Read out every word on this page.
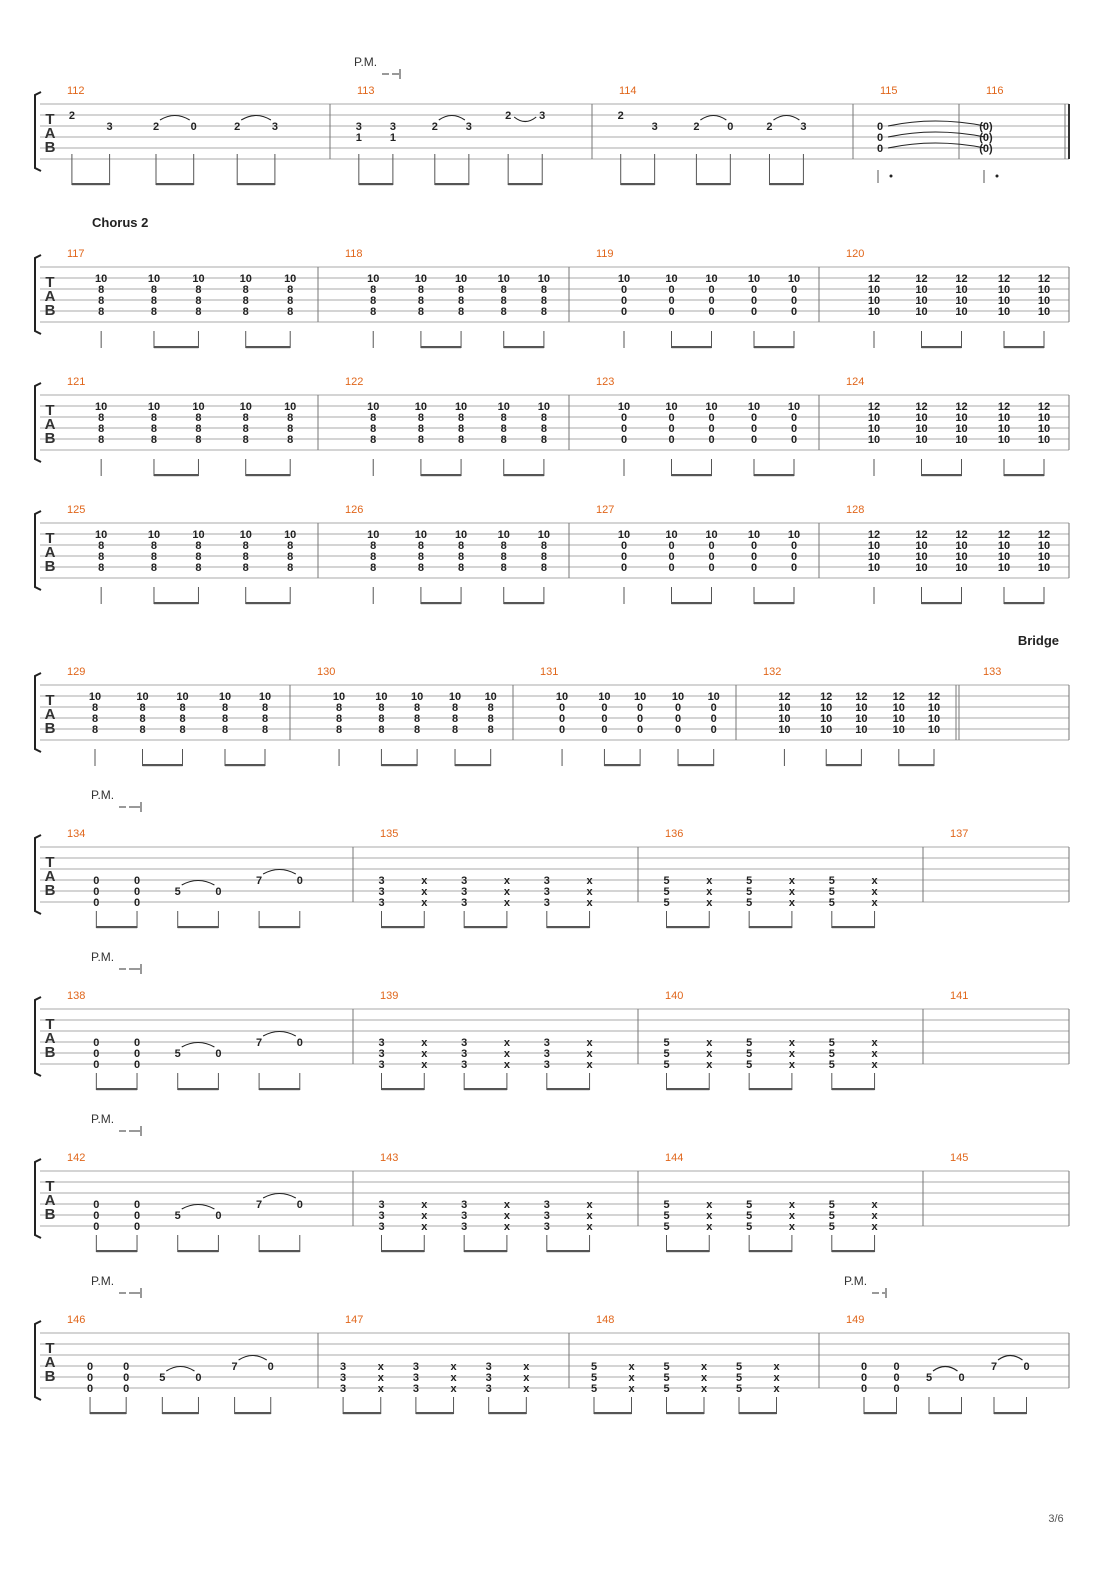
T
A
B
112
2
3	2	0	2	3
113
3
1
3
1
2	3
2	3
P.M.
114
2
3	2	0	2	3
115
0
0
0
116
(0)
(0)
(0)
T
A
B
Chorus 2
117
10
8
8
8
10
8
8
8
10
8
8
8
10
8
8
8
10
8
8
8
118
10
8
8
8
10
8
8
8
10
8
8
8
10
8
8
8
10
8
8
8
119
10
0
0
0
10
0
0
0
10
0
0
0
10
0
0
0
10
0
0
0
120
12
10
10
10
12
10
10
10
12
10
10
10
12
10
10
10
12
10
10
10
T
A
B
121
10
8
8
8
10
8
8
8
10
8
8
8
10
8
8
8
10
8
8
8
122
10
8
8
8
10
8
8
8
10
8
8
8
10
8
8
8
10
8
8
8
123
10
0
0
0
10
0
0
0
10
0
0
0
10
0
0
0
10
0
0
0
124
12
10
10
10
12
10
10
10
12
10
10
10
12
10
10
10
12
10
10
10
T
A
B
125
10
8
8
8
10
8
8
8
10
8
8
8
10
8
8
8
10
8
8
8
126
10
8
8
8
10
8
8
8
10
8
8
8
10
8
8
8
10
8
8
8
127
10
0
0
0
10
0
0
0
10
0
0
0
10
0
0
0
10
0
0
0
128
12
10
10
10
12
10
10
10
12
10
10
10
12
10
10
10
12
10
10
10
T
A
B
Bridge
129
10
8
8
8
10
8
8
8
10
8
8
8
10
8
8
8
10
8
8
8
130
10
8
8
8
10
8
8
8
10
8
8
8
10
8
8
8
10
8
8
8
131
10
0
0
0
10
0
0
0
10
0
0
0
10
0
0
0
10
0
0
0
132
12
10
10
10
12
10
10
10
12
10
10
10
12
10
10
10
12
10
10
10
133
T
A
B
134
0
0
0
0
0
0
5	0
7	0
P.M.
135
3
3
3
x
x
x
3
3
3
x
x
x
3
3
3
x
x
x
136
5
5
5
x
x
x
5
5
5
x
x
x
5
5
5
x
x
x
137
T
A
B
138
0
0
0
0
0
0
5	0
7	0
P.M.
139
3
3
3
x
x
x
3
3
3
x
x
x
3
3
3
x
x
x
140
5
5
5
x
x
x
5
5
5
x
x
x
5
5
5
x
x
x
141
T
A
B
142
0
0
0
0
0
0
5	0
7	0
P.M.
143
3
3
3
x
x
x
3
3
3
x
x
x
3
3
3
x
x
x
144
5
5
5
x
x
x
5
5
5
x
x
x
5
5
5
x
x
x
145
T
A
B
146
0
0
0
0
0
0
5	0
7	0
P.M.
147
3
3
3
x
x
x
3
3
3
x
x
x
3
3
3
x
x
x
148
5
5
5
x
x
x
5
5
5
x
x
x
5
5
5
x
x
x
149
0
0
0
0
0
0
5 0
7 0
P.M.
3/6
